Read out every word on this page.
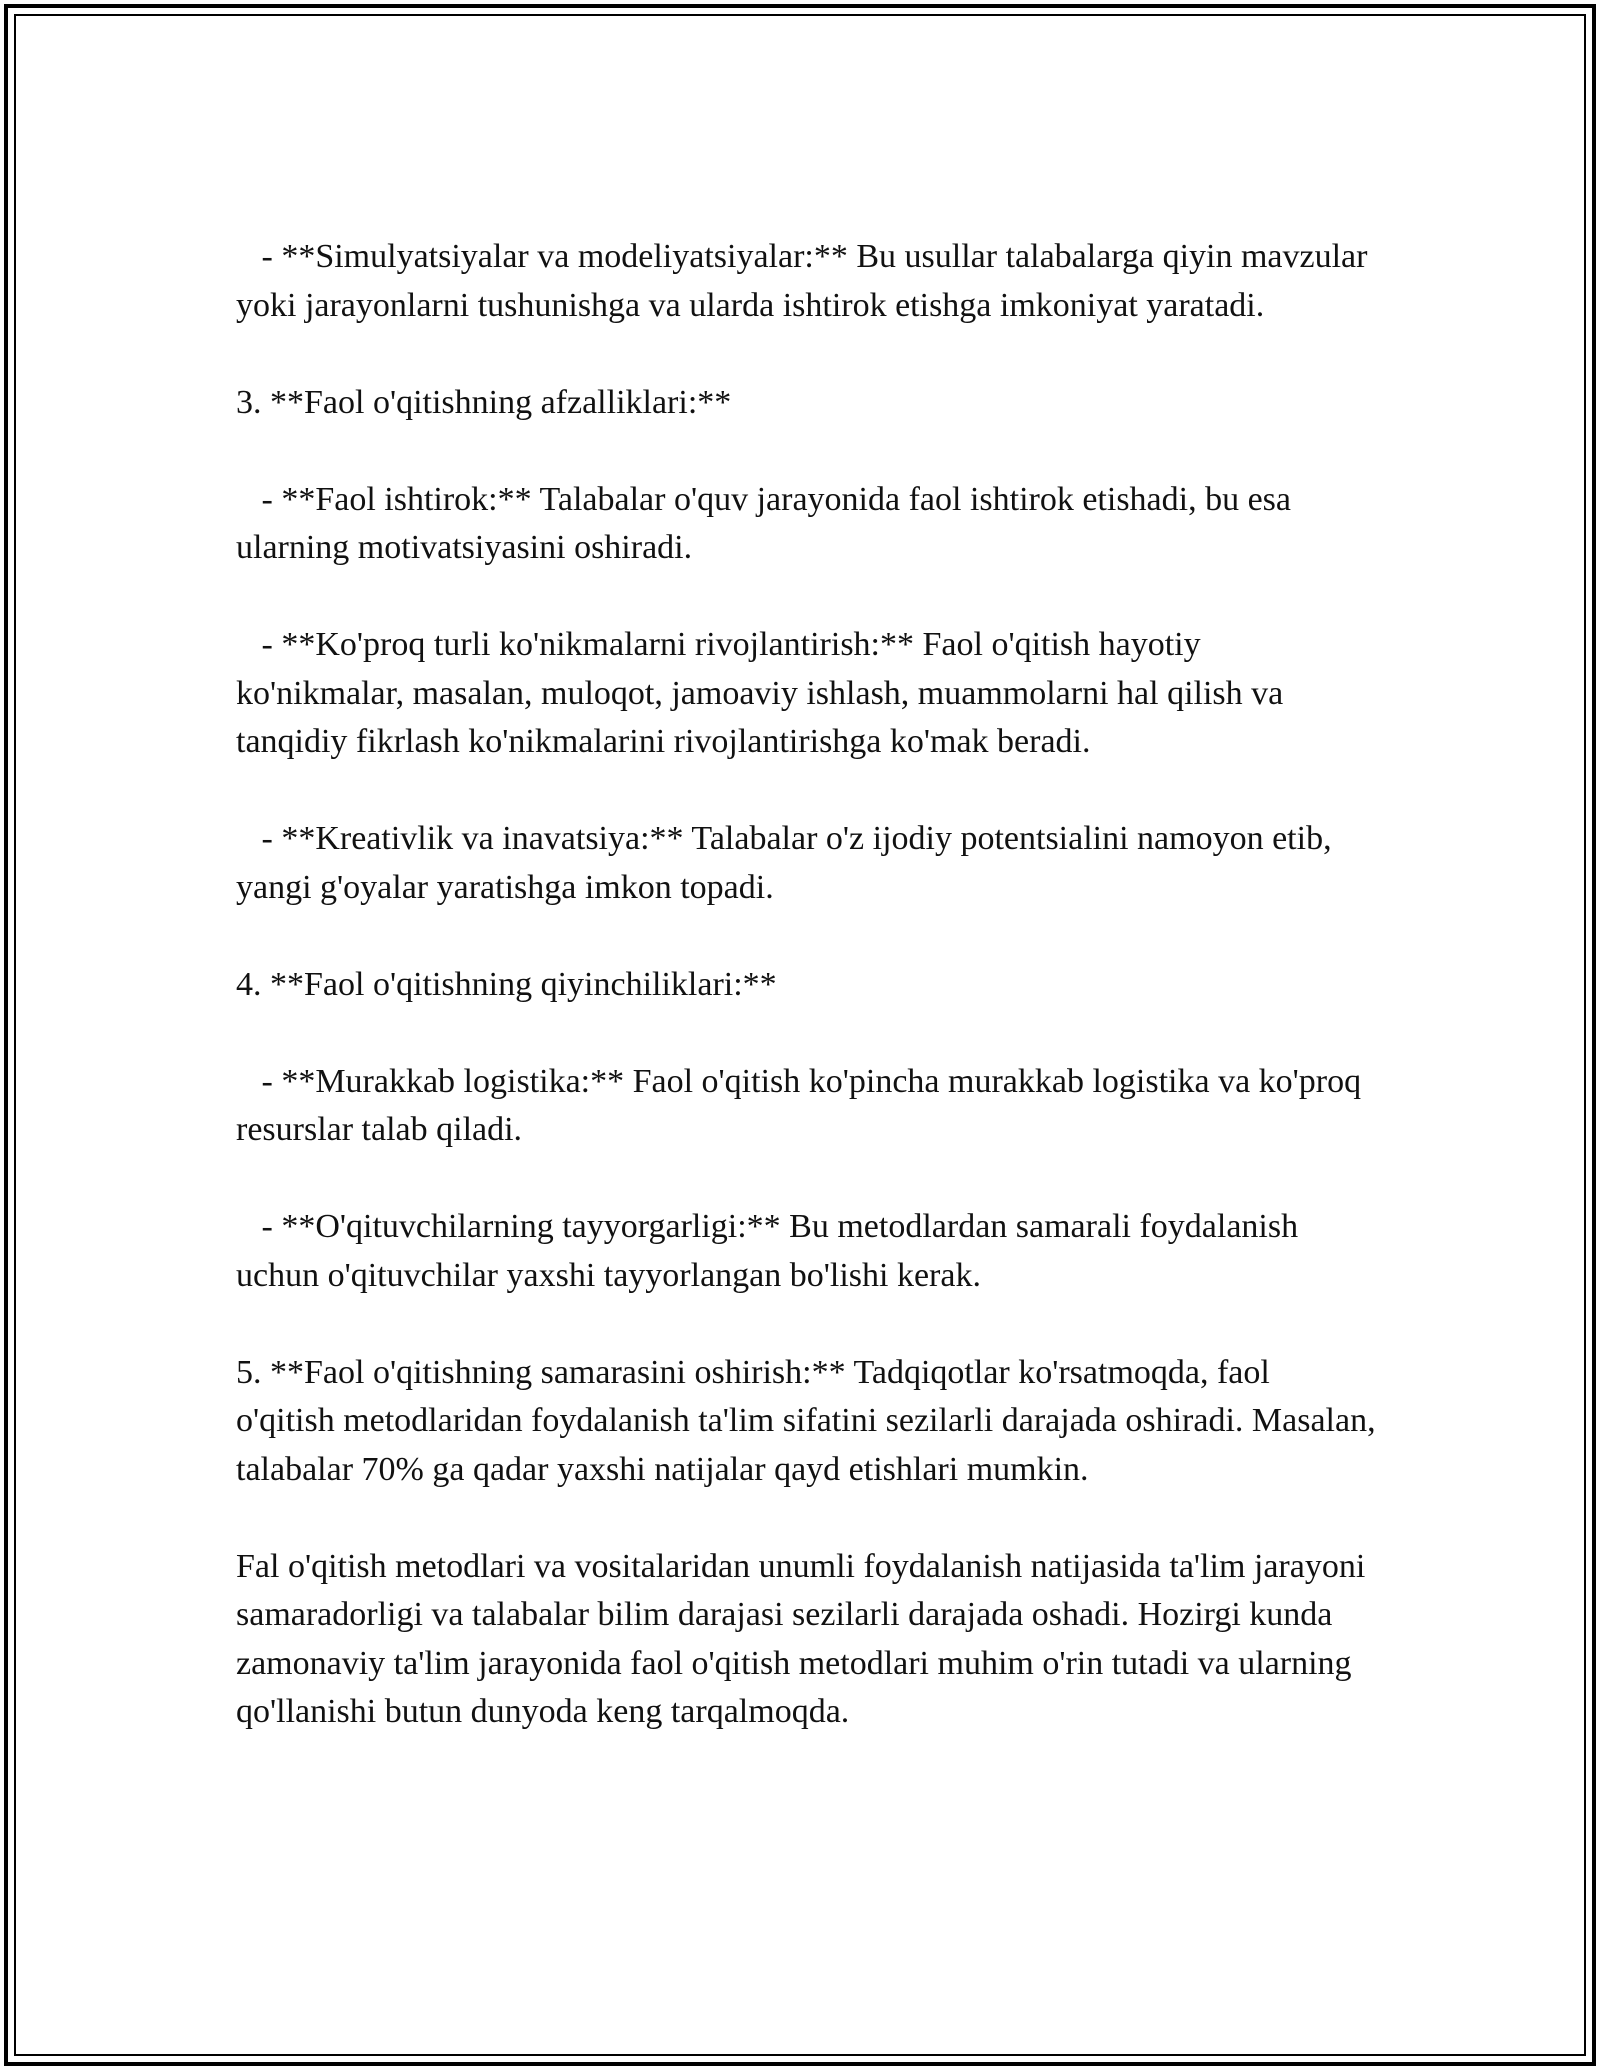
- **Simulyatsiyalar va modeliyatsiyalar:** Bu usullar talabalarga qiyin mavzular yoki jarayonlarni tushunishga va ularda ishtirok etishga imkoniyat yaratadi.

3. **Faol o'qitishning afzalliklari:**

- **Faol ishtirok:** Talabalar o'quv jarayonida faol ishtirok etishadi, bu esa ularning motivatsiyasini oshiradi.

- **Ko'proq turli ko'nikmalarni rivojlantirish:** Faol o'qitish hayotiy ko'nikmalar, masalan, muloqot, jamoaviy ishlash, muammolarni hal qilish va tanqidiy fikrlash ko'nikmalarini rivojlantirishga ko'mak beradi.

- **Kreativlik va inavatsiya:** Talabalar o'z ijodiy potentsialini namoyon etib, yangi g'oyalar yaratishga imkon topadi.

4. **Faol o'qitishning qiyinchiliklari:**

- **Murakkab logistika:** Faol o'qitish ko'pincha murakkab logistika va ko'proq resurslar talab qiladi.

- **O'qituvchilarning tayyorgarligi:** Bu metodlardan samarali foydalanish uchun o'qituvchilar yaxshi tayyorlangan bo'lishi kerak.

5. **Faol o'qitishning samarasini oshirish:** Tadqiqotlar ko'rsatmoqda, faol o'qitish metodlaridan foydalanish ta'lim sifatini sezilarli darajada oshiradi. Masalan, talabalar 70% ga qadar yaxshi natijalar qayd etishlari mumkin.

Fal o'qitish metodlari va vositalaridan unumli foydalanish natijasida ta'lim jarayoni samaradorligi va talabalar bilim darajasi sezilarli darajada oshadi. Hozirgi kunda zamonaviy ta'lim jarayonida faol o'qitish metodlari muhim o'rin tutadi va ularning qo'llanishi butun dunyoda keng tarqalmoqda.
